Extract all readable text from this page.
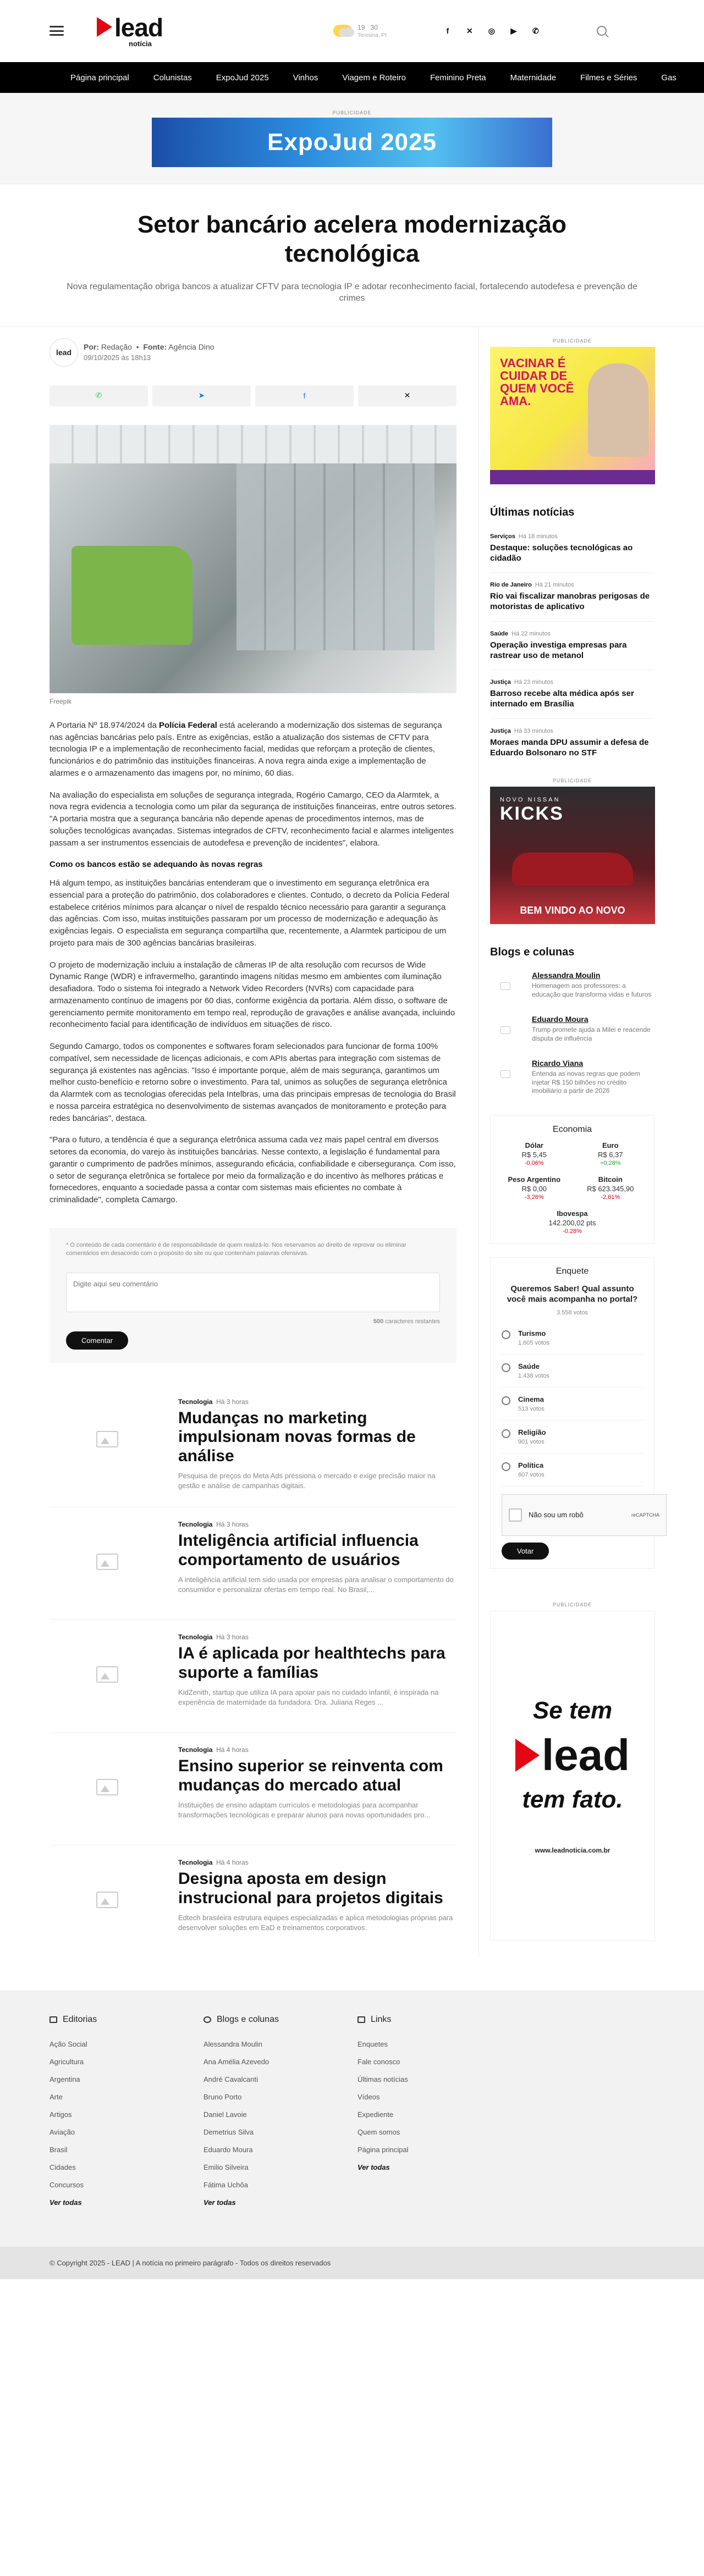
lead
notícia
19 30
Teresina, PI	f	✕	◎	▶	✆
Página principal	Colunistas	ExpoJud 2025	Vinhos	Viagem e Roteiro	Feminino Preta	Maternidade	Filmes e Séries	Gas
PUBLICIDADE
ExpoJud 2025
Setor bancário acelera modernização tecnológica

Nova regulamentação obriga bancos a atualizar CFTV para tecnologia IP e adotar reconhecimento facial, fortalecendo autodefesa e prevenção de crimes

lead
Por: Redação  •  Fonte: Agência Dino
09/10/2025 às 18h13
✆	➤	f	✕
Freepik

A Portaria Nº 18.974/2024 da Polícia Federal está acelerando a modernização dos sistemas de segurança nas agências bancárias pelo país. Entre as exigências, estão a atualização dos sistemas de CFTV para tecnologia IP e a implementação de reconhecimento facial, medidas que reforçam a proteção de clientes, funcionários e do patrimônio das instituições financeiras. A nova regra ainda exige a implementação de alarmes e o armazenamento das imagens por, no mínimo, 60 dias.

Na avaliação do especialista em soluções de segurança integrada, Rogério Camargo, CEO da Alarmtek, a nova regra evidencia a tecnologia como um pilar da segurança de instituições financeiras, entre outros setores. "A portaria mostra que a segurança bancária não depende apenas de procedimentos internos, mas de soluções tecnológicas avançadas. Sistemas integrados de CFTV, reconhecimento facial e alarmes inteligentes passam a ser instrumentos essenciais de autodefesa e prevenção de incidentes", elabora.

Como os bancos estão se adequando às novas regras

Há algum tempo, as instituições bancárias entenderam que o investimento em segurança eletrônica era essencial para a proteção do patrimônio, dos colaboradores e clientes. Contudo, o decreto da Polícia Federal estabelece critérios mínimos para alcançar o nível de respaldo técnico necessário para garantir a segurança das agências. Com isso, muitas instituições passaram por um processo de modernização e adequação às exigências legais. O especialista em segurança compartilha que, recentemente, a Alarmtek participou de um projeto para mais de 300 agências bancárias brasileiras.

O projeto de modernização incluiu a instalação de câmeras IP de alta resolução com recursos de Wide Dynamic Range (WDR) e infravermelho, garantindo imagens nítidas mesmo em ambientes com iluminação desafiadora. Todo o sistema foi integrado a Network Video Recorders (NVRs) com capacidade para armazenamento contínuo de imagens por 60 dias, conforme exigência da portaria. Além disso, o software de gerenciamento permite monitoramento em tempo real, reprodução de gravações e análise avançada, incluindo reconhecimento facial para identificação de indivíduos em situações de risco.

Segundo Camargo, todos os componentes e softwares foram selecionados para funcionar de forma 100% compatível, sem necessidade de licenças adicionais, e com APIs abertas para integração com sistemas de segurança já existentes nas agências. "Isso é importante porque, além de mais segurança, garantimos um melhor custo-benefício e retorno sobre o investimento. Para tal, unimos as soluções de segurança eletrônica da Alarmtek com as tecnologias oferecidas pela Intelbras, uma das principais empresas de tecnologia do Brasil e nossa parceira estratégica no desenvolvimento de sistemas avançados de monitoramento e proteção para redes bancárias", destaca.

"Para o futuro, a tendência é que a segurança eletrônica assuma cada vez mais papel central em diversos setores da economia, do varejo às instituições bancárias. Nesse contexto, a legislação é fundamental para garantir o cumprimento de padrões mínimos, assegurando eficácia, confiabilidade e cibersegurança. Com isso, o setor de segurança eletrônica se fortalece por meio da formalização e do incentivo às melhores práticas e fornecedores, enquanto a sociedade passa a contar com sistemas mais eficientes no combate à criminalidade", completa Camargo.

* O conteúdo de cada comentário é de responsabilidade de quem realizá-lo. Nos reservamos ao direito de reprovar ou eliminar comentários em desacordo com o propósito do site ou que contenham palavras ofensivas.
Digite aqui seu comentário
500 caracteres restantes
Comentar
Tecnologia Há 3 horas
Mudanças no marketing impulsionam novas formas de análise
Pesquisa de preços do Meta Ads pressiona o mercado e exige precisão maior na gestão e análise de campanhas digitais.
Tecnologia Há 3 horas
Inteligência artificial influencia comportamento de usuários
A inteligência artificial tem sido usada por empresas para analisar o comportamento do consumidor e personalizar ofertas em tempo real. No Brasil,...
Tecnologia Há 3 horas
IA é aplicada por healthtechs para suporte a famílias
KidZenith, startup que utiliza IA para apoiar pais no cuidado infantil, é inspirada na experiência de maternidade da fundadora. Dra. Juliana Reges ...
Tecnologia Há 4 horas
Ensino superior se reinventa com mudanças do mercado atual
Instituições de ensino adaptam currículos e metodologias para acompanhar transformações tecnológicas e preparar alunos para novas oportunidades pro...
Tecnologia Há 4 horas
Designa aposta em design instrucional para projetos digitais
Edtech brasileira estrutura equipes especializadas e aplica metodologias próprias para desenvolver soluções em EaD e treinamentos corporativos.
PUBLICIDADE
VACINAR É CUIDAR DE QUEM VOCÊ AMA.
Últimas notícias
Serviços Há 18 minutos
Destaque: soluções tecnológicas ao cidadão
Rio de Janeiro Há 21 minutos
Rio vai fiscalizar manobras perigosas de motoristas de aplicativo
Saúde Há 22 minutos
Operação investiga empresas para rastrear uso de metanol
Justiça Há 23 minutos
Barroso recebe alta médica após ser internado em Brasília
Justiça Há 33 minutos
Moraes manda DPU assumir a defesa de Eduardo Bolsonaro no STF
PUBLICIDADE
NOVO NISSAN
KICKS
BEM VINDO AO NOVO
Blogs e colunas
Alessandra Moulin
Homenagem aos professores: a educação que transforma vidas e futuros
Eduardo Moura
Trump promete ajuda a Milei e reacende disputa de influência
Ricardo Viana
Entenda as novas regras que podem injetar R$ 150 bilhões no crédito imobiliário a partir de 2026
Economia
Dólar
R$ 5,45
-0,06%
Euro
R$ 6,37
+0,28%
Peso Argentino
R$ 0,00
-3,26%
Bitcoin
R$ 623.345,90
-2,61%
Ibovespa
142.200,02 pts
-0.28%
Enquete
Queremos Saber! Qual assunto você mais acompanha no portal?
3.558 votos
Turismo
1.605 votos
Saúde
1.438 votos
Cinema
513 votos
Religião
901 votos
Política
607 votos
Não sou um robô	reCAPTCHA
Votar
PUBLICIDADE
Se tem
lead
tem fato.
www.leadnoticia.com.br
Editorias
Ação Social
Agricultura
Argentina
Arte
Artigos
Aviação
Brasil
Cidades
Concursos
Ver todas
Blogs e colunas
Alessandra Moulin
Ana Amélia Azevedo
André Cavalcanti
Bruno Porto
Daniel Lavoie
Demetrius Silva
Eduardo Moura
Emilio Silveira
Fátima Uchôa
Ver todas
Links
Enquetes
Fale conosco
Últimas notícias
Vídeos
Expediente
Quem somos
Página principal
Ver todas
© Copyright 2025 - LEAD | A notícia no primeiro parágrafo - Todos os direitos reservados
